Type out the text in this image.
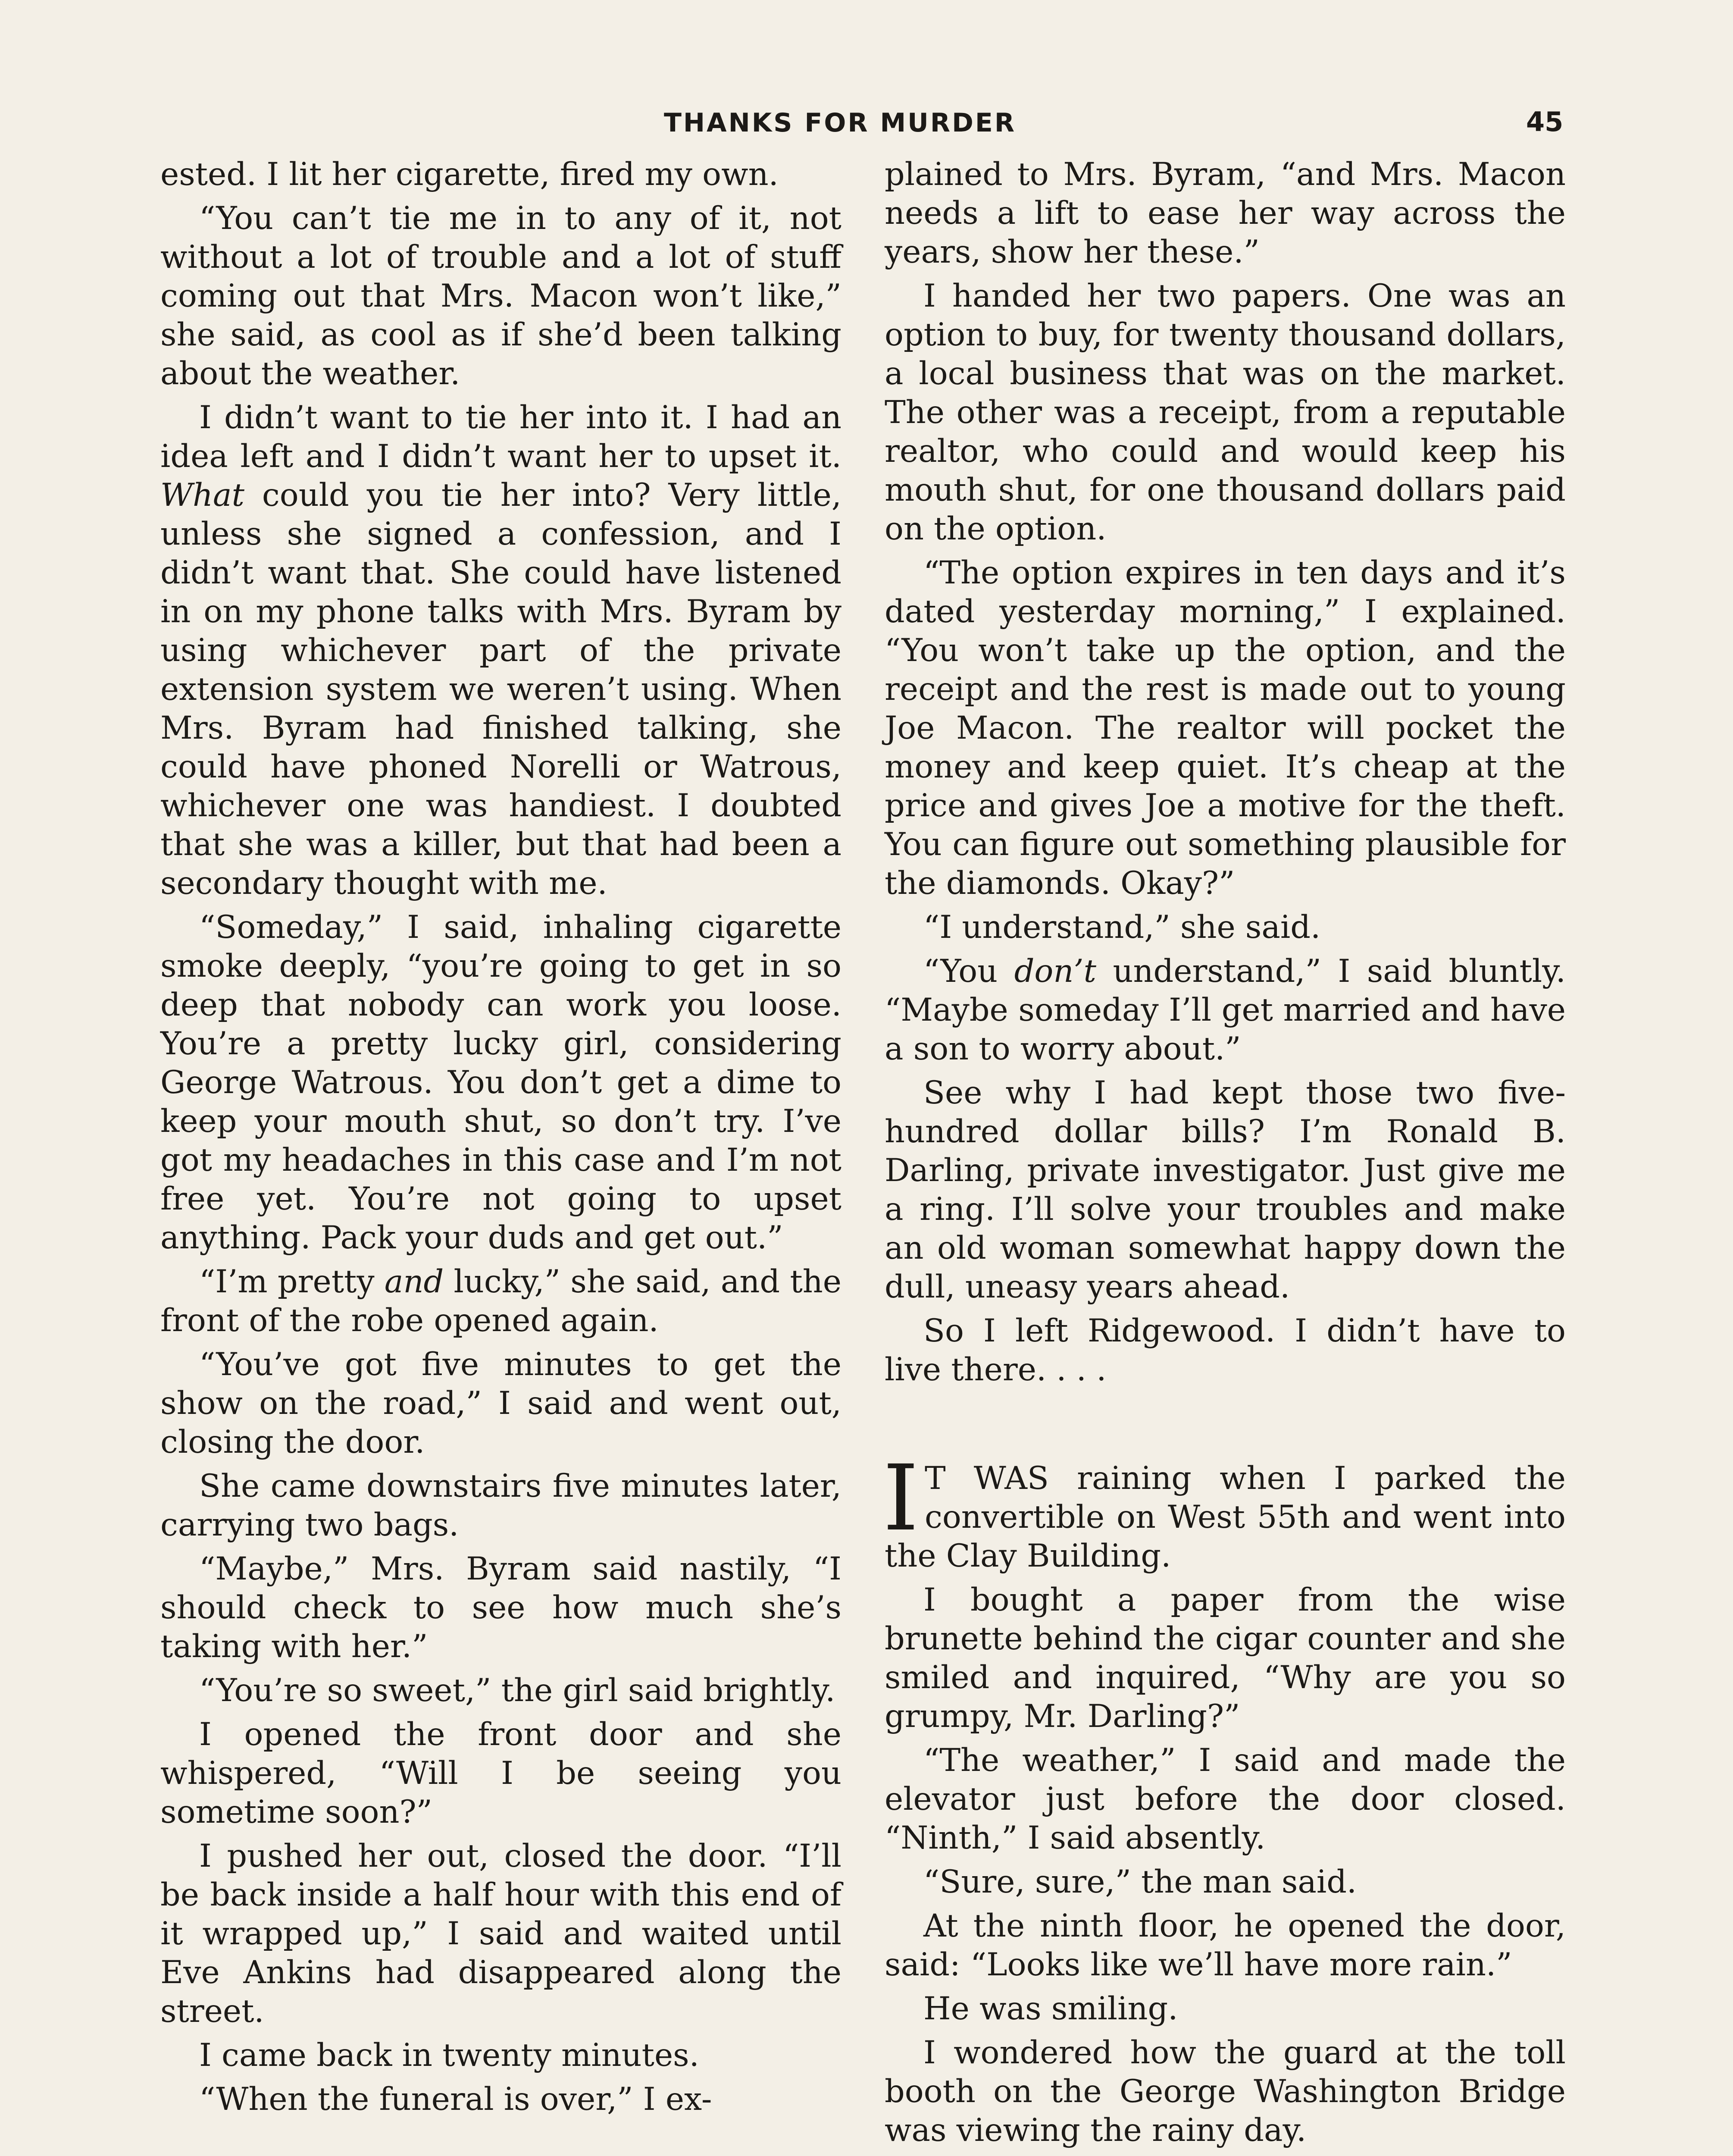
THANKS FOR MURDER	45

ested. I lit her cigarette, fired my own.

“You can’t tie me in to any of it, not without a lot of trouble and a lot of stuff coming out that Mrs. Macon won’t like,” she said, as cool as if she’d been talking about the weather.

I didn’t want to tie her into it. I had an idea left and I didn’t want her to upset it. What could you tie her into? Very little, unless she signed a confession, and I didn’t want that. She could have listened in on my phone talks with Mrs. Byram by using whichever part of the private extension system we weren’t using. When Mrs. Byram had finished talking, she could have phoned Norelli or Watrous, whichever one was handiest. I doubted that she was a killer, but that had been a secondary thought with me.

“Someday,” I said, inhaling cigarette smoke deeply, “you’re going to get in so deep that nobody can work you loose. You’re a pretty lucky girl, considering George Watrous. You don’t get a dime to keep your mouth shut, so don’t try. I’ve got my headaches in this case and I’m not free yet. You’re not going to upset anything. Pack your duds and get out.”

“I’m pretty and lucky,” she said, and the front of the robe opened again.

“You’ve got five minutes to get the show on the road,” I said and went out, closing the door.

She came downstairs five minutes later, carrying two bags.

“Maybe,” Mrs. Byram said nastily, “I should check to see how much she’s taking with her.”

“You’re so sweet,” the girl said brightly.

I opened the front door and she whispered, “Will I be seeing you sometime soon?”

I pushed her out, closed the door. “I’ll be back inside a half hour with this end of it wrapped up,” I said and waited until Eve Ankins had disappeared along the street.

I came back in twenty minutes.

“When the funeral is over,” I ex-

plained to Mrs. Byram, “and Mrs. Macon needs a lift to ease her way across the years, show her these.”

I handed her two papers. One was an option to buy, for twenty thousand dollars, a local business that was on the market. The other was a receipt, from a reputable realtor, who could and would keep his mouth shut, for one thousand dollars paid on the option.

“The option expires in ten days and it’s dated yesterday morning,” I explained. “You won’t take up the option, and the receipt and the rest is made out to young Joe Macon. The realtor will pocket the money and keep quiet. It’s cheap at the price and gives Joe a motive for the theft. You can figure out something plausible for the diamonds. Okay?”

“I understand,” she said.

“You don’t understand,” I said bluntly. “Maybe someday I’ll get married and have a son to worry about.”

See why I had kept those two five-hundred dollar bills? I’m Ronald B. Darling, private investigator. Just give me a ring. I’ll solve your troubles and make an old woman somewhat happy down the dull, uneasy years ahead.

So I left Ridgewood. I didn’t have to live there. . . .

I T WAS raining when I parked the convertible on West 55th and went into the Clay Building.

I bought a paper from the wise brunette behind the cigar counter and she smiled and inquired, “Why are you so grumpy, Mr. Darling?”

“The weather,” I said and made the elevator just before the door closed. “Ninth,” I said absently.

“Sure, sure,” the man said.

At the ninth floor, he opened the door, said: “Looks like we’ll have more rain.”

He was smiling.

I wondered how the guard at the toll booth on the George Washington Bridge was viewing the rainy day.
